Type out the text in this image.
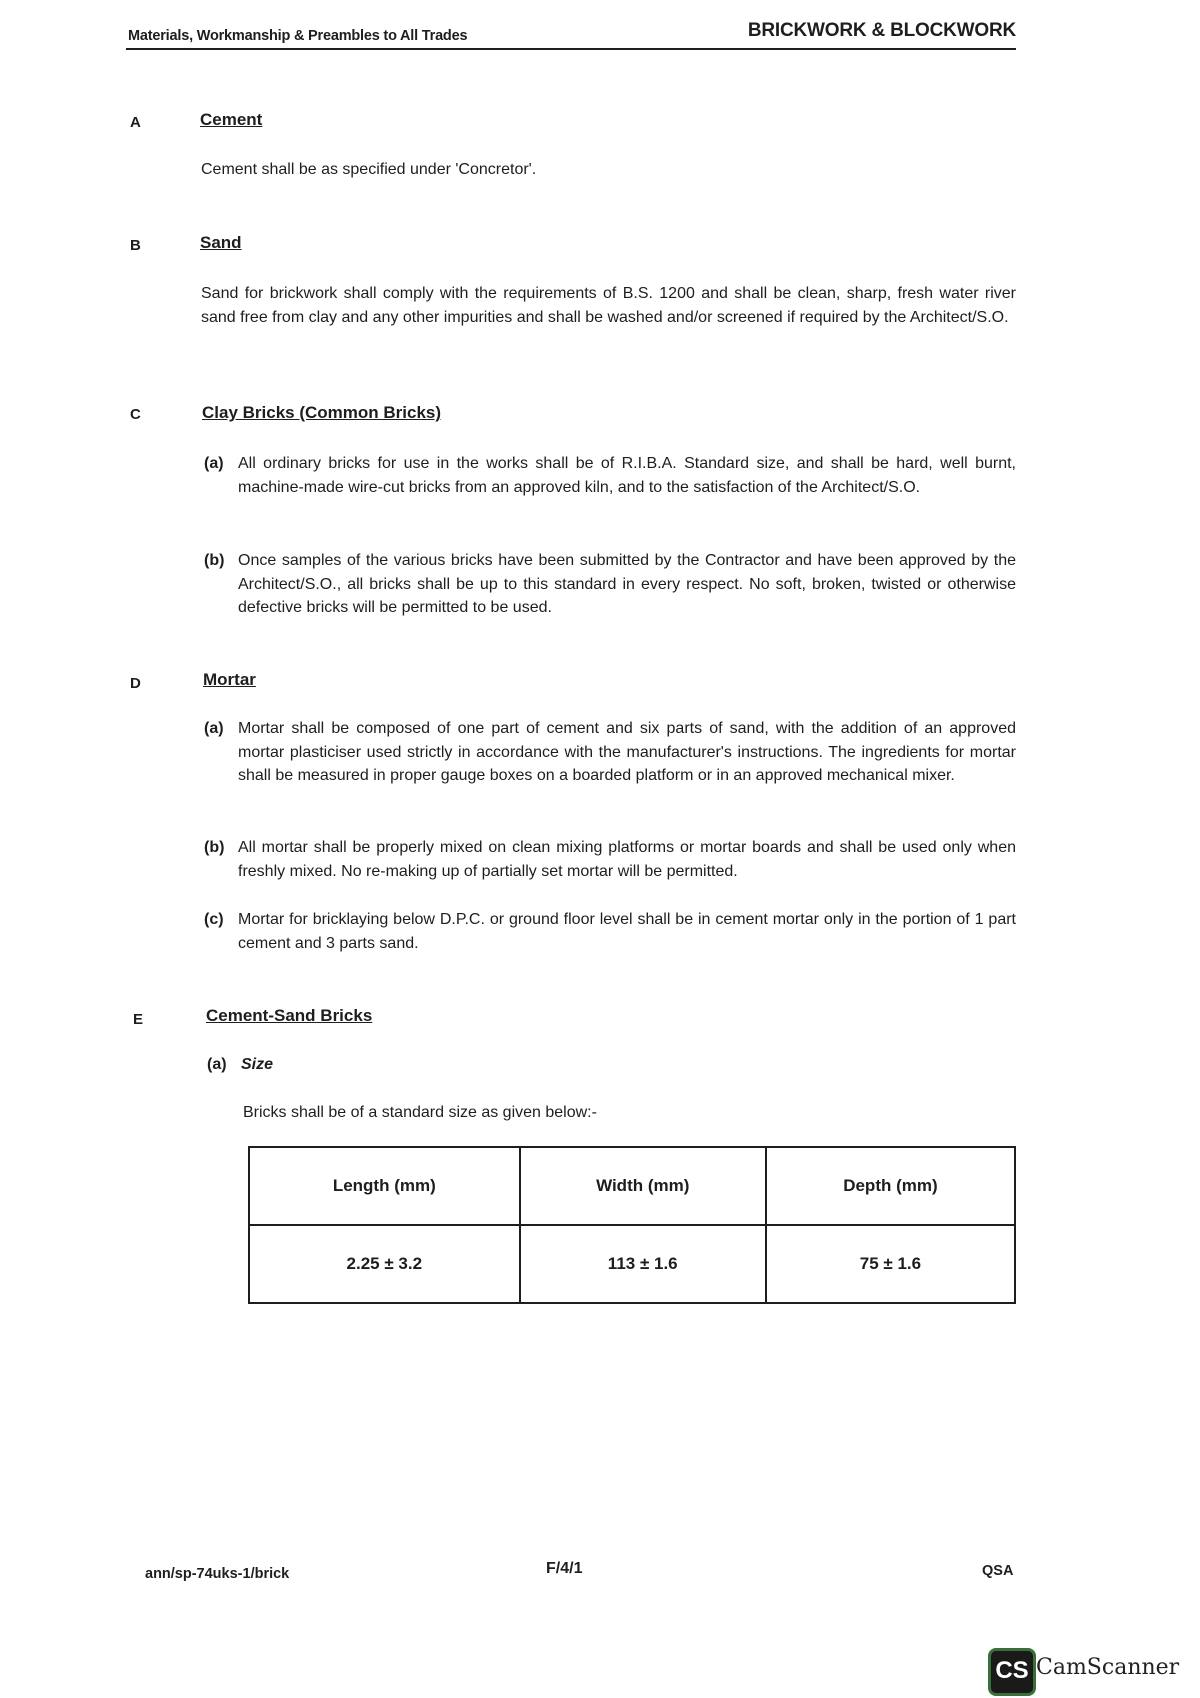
Materials, Workmanship & Preambles to All Trades	BRICKWORK & BLOCKWORK
A	Cement
Cement shall be as specified under 'Concretor'.
B	Sand
Sand for brickwork shall comply with the requirements of B.S. 1200 and shall be clean, sharp, fresh water river sand free from clay and any other impurities and shall be washed and/or screened if required by the Architect/S.O.
C	Clay Bricks (Common Bricks)
(a) All ordinary bricks for use in the works shall be of R.I.B.A. Standard size, and shall be hard, well burnt, machine-made wire-cut bricks from an approved kiln, and to the satisfaction of the Architect/S.O.
(b) Once samples of the various bricks have been submitted by the Contractor and have been approved by the Architect/S.O., all bricks shall be up to this standard in every respect. No soft, broken, twisted or otherwise defective bricks will be permitted to be used.
D	Mortar
(a) Mortar shall be composed of one part of cement and six parts of sand, with the addition of an approved mortar plasticiser used strictly in accordance with the manufacturer's instructions. The ingredients for mortar shall be measured in proper gauge boxes on a boarded platform or in an approved mechanical mixer.
(b) All mortar shall be properly mixed on clean mixing platforms or mortar boards and shall be used only when freshly mixed. No re-making up of partially set mortar will be permitted.
(c) Mortar for bricklaying below D.P.C. or ground floor level shall be in cement mortar only in the portion of 1 part cement and 3 parts sand.
E	Cement-Sand Bricks
(a) Size
Bricks shall be of a standard size as given below:-
Length (mm)	Width (mm)	Depth (mm)
2.25 ± 3.2	113 ± 1.6	75 ± 1.6
ann/sp-74uks-1/brick	F/4/1	QSA
CS CamScanner
